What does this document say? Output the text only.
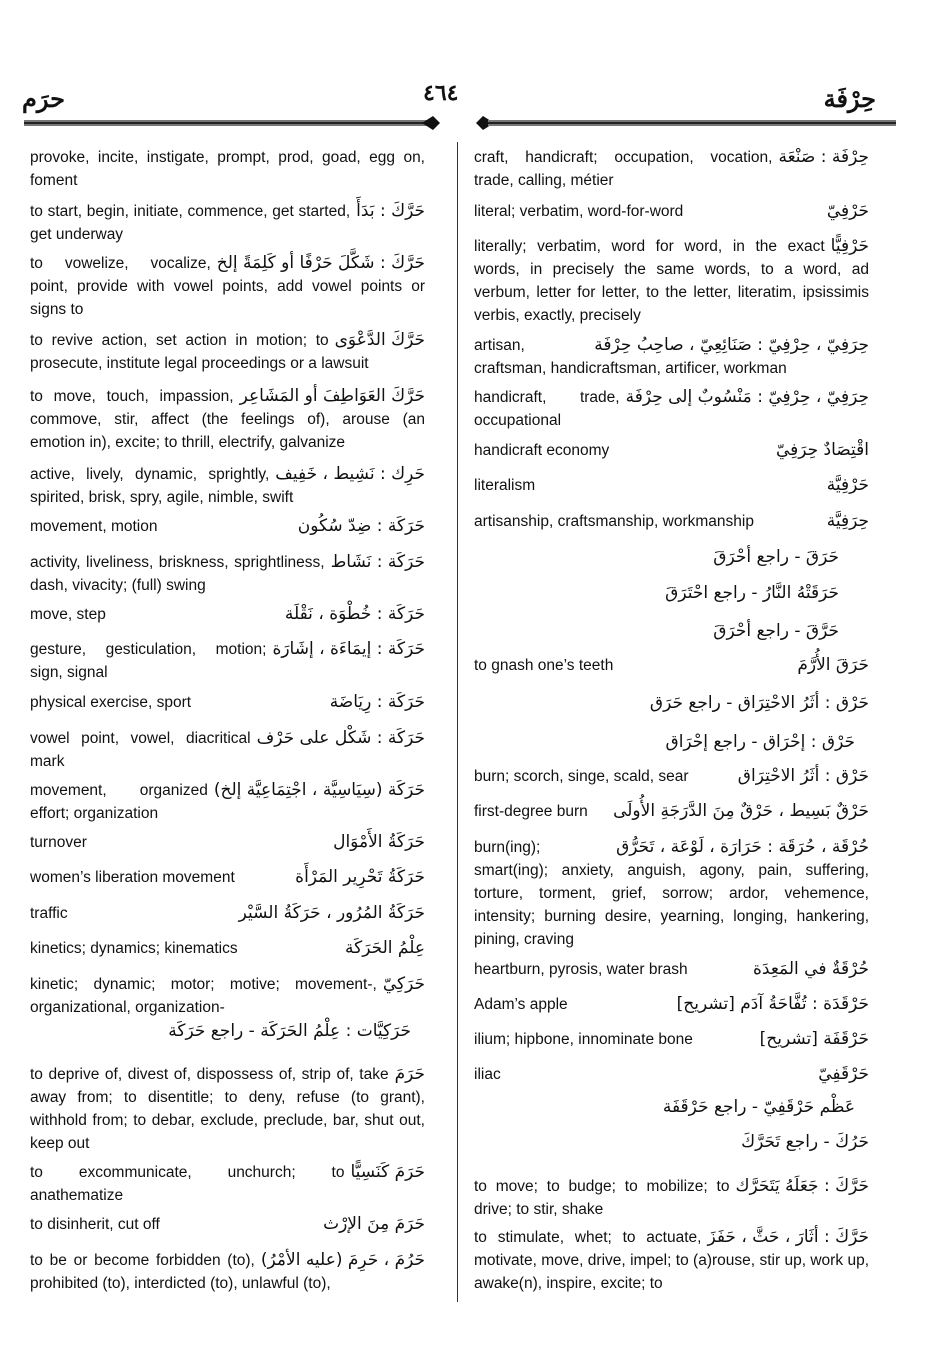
حرَم	٤٦٤	حِرْفَة
provoke, incite, instigate, prompt, prod, goad, egg on, foment
حَرَّكَ : بَدَأَ
to start, begin, initiate, commence, get started, get underway
حَرَّكَ : شَكَّلَ حَرْفًا أو كَلِمَةً إلخ
to vowelize, vocalize, point, provide with vowel points, add vowel points or signs to
حَرَّكَ الدَّعْوَى
to revive action, set action in motion; to prosecute, institute legal proceedings or a lawsuit
حَرَّكَ العَوَاطِفَ أو المَشَاعِر
to move, touch, impassion, commove, stir, affect (the feelings of), arouse (an emotion in), excite; to thrill, electrify, galvanize
حَرِك : نَشِيط ، خَفِيف
active, lively, dynamic, sprightly, spirited, brisk, spry, agile, nimble, swift
حَرَكَة : ضِدّ سُكُون
movement, motion
حَرَكَة : نَشَاط
activity, liveliness, briskness, sprightliness, dash, vivacity; (full) swing
حَرَكَة : خُطْوَة ، نَقْلَة
move, step
حَرَكَة : إيمَاءَة ، إشَارَة
gesture, gesticulation, motion; sign, signal
حَرَكَة : رِيَاضَة
physical exercise, sport
حَرَكَة : شَكْل على حَرْف
vowel point, vowel, diacritical mark
حَرَكَة (سِيَاسِيَّة ، اجْتِمَاعِيَّة إلخ)
movement, organized effort; organization
حَرَكَةُ الأَمْوَال
turnover
حَرَكَةُ تَحْرِير المَرْأَة
women’s liberation movement
حَرَكَةُ المُرُور ، حَرَكَةُ السَّيْر
traffic
عِلْمُ الحَرَكَة
kinetics; dynamics; kinematics
حَرَكِيّ
kinetic; dynamic; motor; motive; movement-, organizational, organization-
حَرَكِيَّات : عِلْمُ الحَرَكَة - راجع حَرَكَة
حَرَمَ
to deprive of, divest of, dispossess of, strip of, take away from; to disentitle; to deny, refuse (to grant), withhold from; to debar, exclude, preclude, bar, shut out, keep out
حَرَمَ كَنَسِيًّا
to excommunicate, unchurch; to anathematize
حَرَمَ مِنَ الإرْث
to disinherit, cut off
حَرُمَ ، حَرِمَ (عليه الأمْرُ)
to be or become forbidden (to), prohibited (to), interdicted (to), unlawful (to),
حِرْفَة : صَنْعَة
craft, handicraft; occupation, vocation, trade, calling, métier
حَرْفِيّ
literal; verbatim, word-for-word
حَرْفِيًّا
literally; verbatim, word for word, in the exact words, in precisely the same words, to a word, ad verbum, letter for letter, to the letter, literatim, ipsissimis verbis, exactly, precisely
حِرَفِيّ ، حِرْفِيّ : صَنَائِعِيّ ، صاحِبُ حِرْفَة
artisan, craftsman, handicraftsman, artificer, workman
حِرَفِيّ ، حِرْفِيّ : مَنْسُوبٌ إلى حِرْفَة
handicraft, trade, occupational
اقْتِصَادٌ حِرَفِيّ
handicraft economy
حَرْفِيَّة
literalism
حِرَفِيَّة
artisanship, craftsmanship, workmanship
حَرَقَ - راجع أحْرَقَ
حَرَقَتْهُ النَّارُ - راجع احْتَرَقَ
حَرَّقَ - راجع أحْرَقَ
حَرَقَ الأُرَّمَ
to gnash one’s teeth
حَرْق : أثَرُ الاحْتِرَاق - راجع حَرَق
حَرْق : إحْرَاق - راجع إحْرَاق
حَرْق : أثَرُ الاحْتِرَاق
burn; scorch, singe, scald, sear
حَرْقٌ بَسِيط ، حَرْقٌ مِنَ الدَّرَجَةِ الأُولَى
first-degree burn
حُرْقَة ، حُرَقَة : حَرَارَة ، لَوْعَة ، تَحَرُّق
burn(ing); smart(ing); anxiety, anguish, agony, pain, suffering, torture, torment, grief, sorrow; ardor, vehemence, intensity; burning desire, yearning, longing, hankering, pining, craving
حُرْقَةٌ في المَعِدَة
heartburn, pyrosis, water brash
حَرْقَدَة : تُفَّاحَةُ آدَم [تشريح]
Adam’s apple
حَرْقَفَة [تشريح]
ilium; hipbone, innominate bone
حَرْقَفِيّ
iliac
عَظْم حَرْقَفِيّ - راجع حَرْقَفَة
حَرُكَ - راجع تَحَرَّكَ
حَرَّكَ : جَعَلَهُ يَتَحَرَّك
to move; to budge; to mobilize; to drive; to stir, shake
حَرَّكَ : أثَارَ ، حَثَّ ، حَفَزَ
to stimulate, whet; to actuate, motivate, move, drive, impel; to (a)rouse, stir up, work up, awake(n), inspire, excite; to
